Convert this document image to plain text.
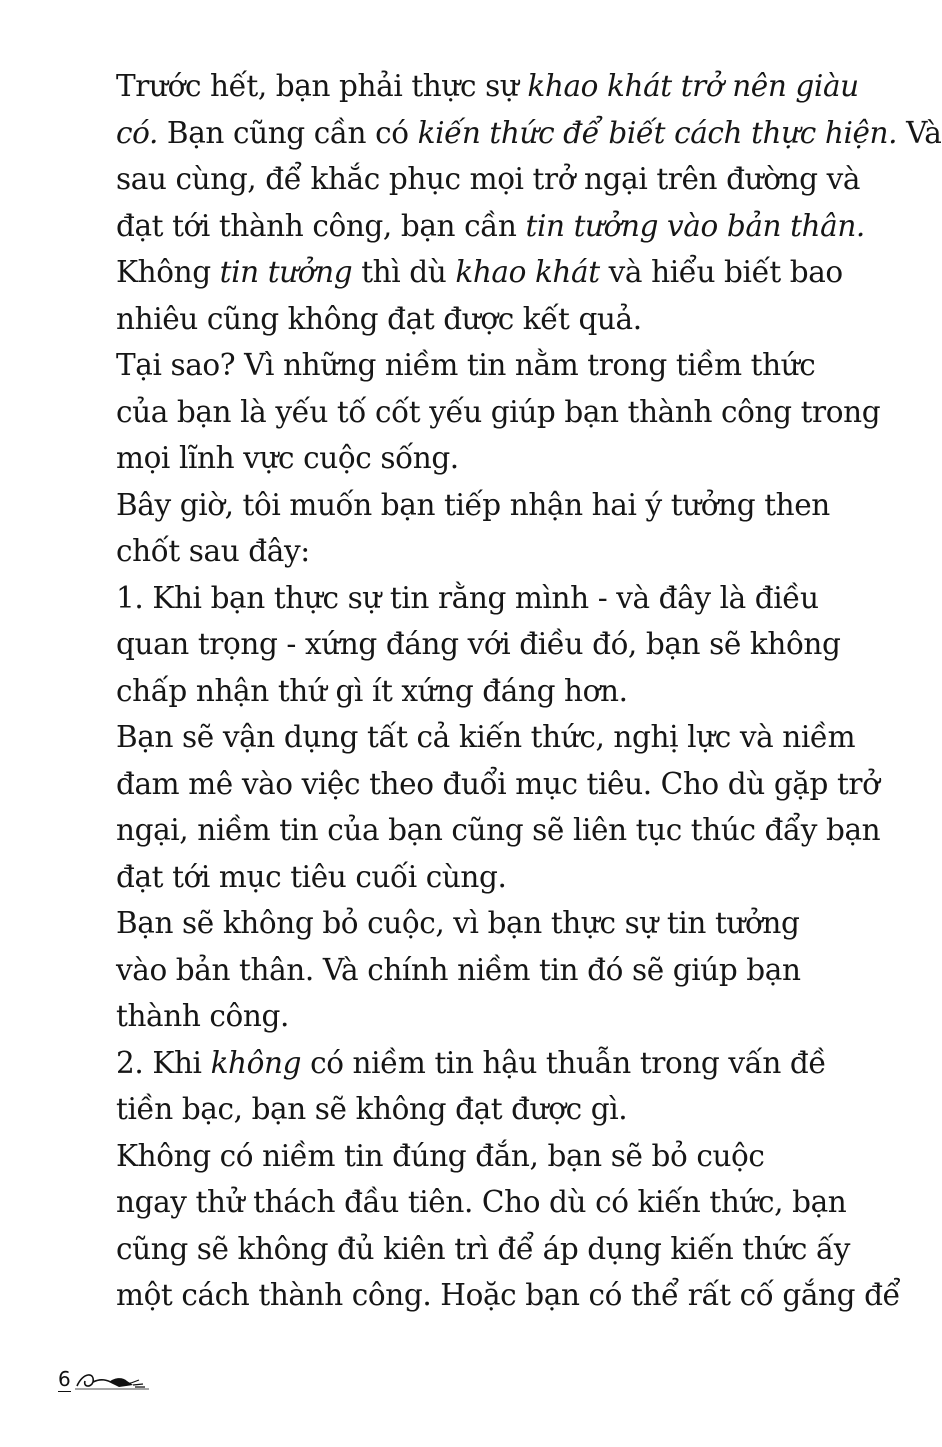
Trước hết, bạn phải thực sự khao khát trở nên giàu
có. Bạn cũng cần có kiến thức để biết cách thực hiện. Và
sau cùng, để khắc phục mọi trở ngại trên đường và
đạt tới thành công, bạn cần tin tưởng vào bản thân.
Không tin tưởng thì dù khao khát và hiểu biết bao
nhiêu cũng không đạt được kết quả.
Tại sao? Vì những niềm tin nằm trong tiềm thức
của bạn là yếu tố cốt yếu giúp bạn thành công trong
mọi lĩnh vực cuộc sống.
Bây giờ, tôi muốn bạn tiếp nhận hai ý tưởng then
chốt sau đây:
1. Khi bạn thực sự tin rằng mình - và đây là điều
quan trọng - xứng đáng với điều đó, bạn sẽ không
chấp nhận thứ gì ít xứng đáng hơn.
Bạn sẽ vận dụng tất cả kiến thức, nghị lực và niềm
đam mê vào việc theo đuổi mục tiêu. Cho dù gặp trở
ngại, niềm tin của bạn cũng sẽ liên tục thúc đẩy bạn
đạt tới mục tiêu cuối cùng.
Bạn sẽ không bỏ cuộc, vì bạn thực sự tin tưởng
vào bản thân. Và chính niềm tin đó sẽ giúp bạn
thành công.
2. Khi không có niềm tin hậu thuẫn trong vấn đề
tiền bạc, bạn sẽ không đạt được gì.
Không có niềm tin đúng đắn, bạn sẽ bỏ cuộc
ngay thử thách đầu tiên. Cho dù có kiến thức, bạn
cũng sẽ không đủ kiên trì để áp dụng kiến thức ấy
một cách thành công. Hoặc bạn có thể rất cố gắng để
6
